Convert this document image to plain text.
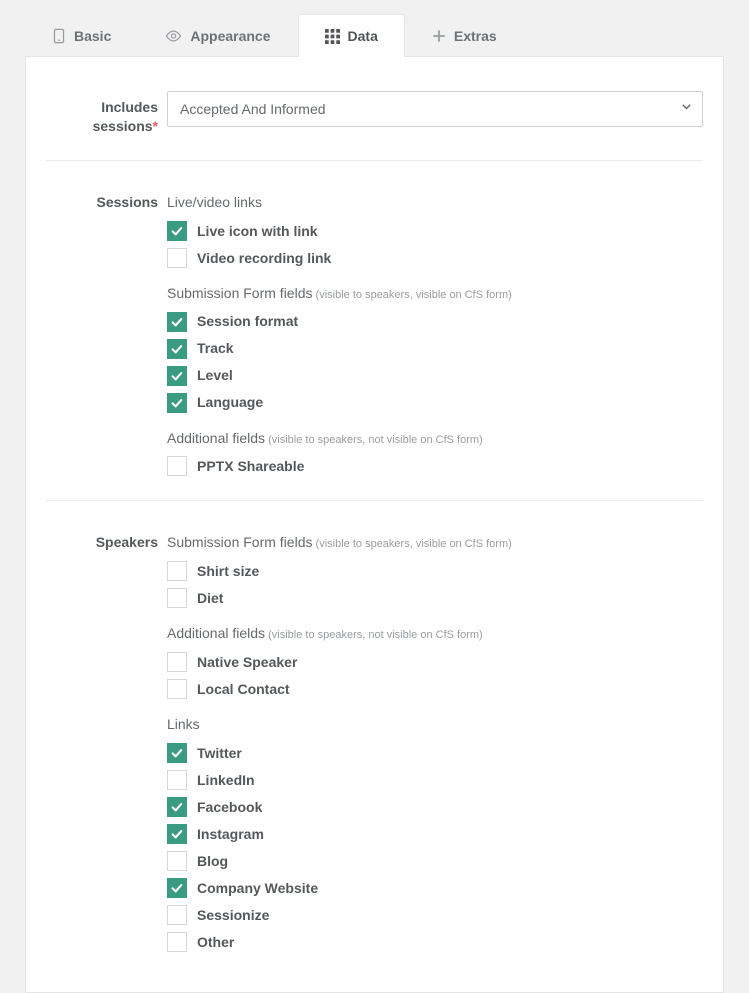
Basic	Appearance	Data	Extras
Includes sessions*
Accepted And Informed
Sessions Live/video links
Live icon with link
Video recording link
Submission Form fields (visible to speakers, visible on CfS form)
Session format
Track
Level
Language
Additional fields (visible to speakers, not visible on CfS form)
PPTX Shareable
Speakers Submission Form fields (visible to speakers, visible on CfS form)
Shirt size
Diet
Additional fields (visible to speakers, not visible on CfS form)
Native Speaker
Local Contact
Links
Twitter
LinkedIn
Facebook
Instagram
Blog
Company Website
Sessionize
Other
